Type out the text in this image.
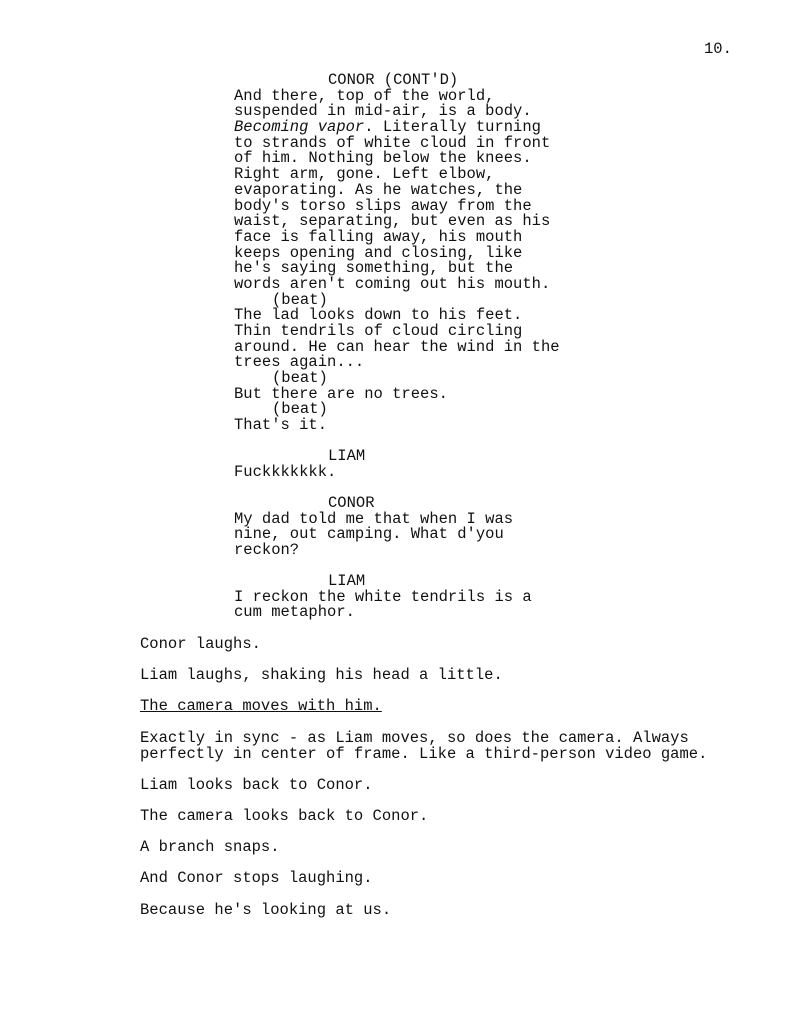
10.
CONOR (CONT'D)
And there, top of the world,
suspended in mid-air, is a body.
Becoming vapor. Literally turning
to strands of white cloud in front
of him. Nothing below the knees.
Right arm, gone. Left elbow,
evaporating. As he watches, the
body's torso slips away from the
waist, separating, but even as his
face is falling away, his mouth
keeps opening and closing, like
he's saying something, but the
words aren't coming out his mouth.
(beat)
The lad looks down to his feet.
Thin tendrils of cloud circling
around. He can hear the wind in the
trees again...
(beat)
But there are no trees.
(beat)
That's it.
LIAM
Fuckkkkkkk.
CONOR
My dad told me that when I was
nine, out camping. What d'you
reckon?
LIAM
I reckon the white tendrils is a
cum metaphor.
Conor laughs.
Liam laughs, shaking his head a little.
The camera moves with him.
Exactly in sync - as Liam moves, so does the camera. Always
perfectly in center of frame. Like a third-person video game.
Liam looks back to Conor.
The camera looks back to Conor.
A branch snaps.
And Conor stops laughing.
Because he's looking at us.
